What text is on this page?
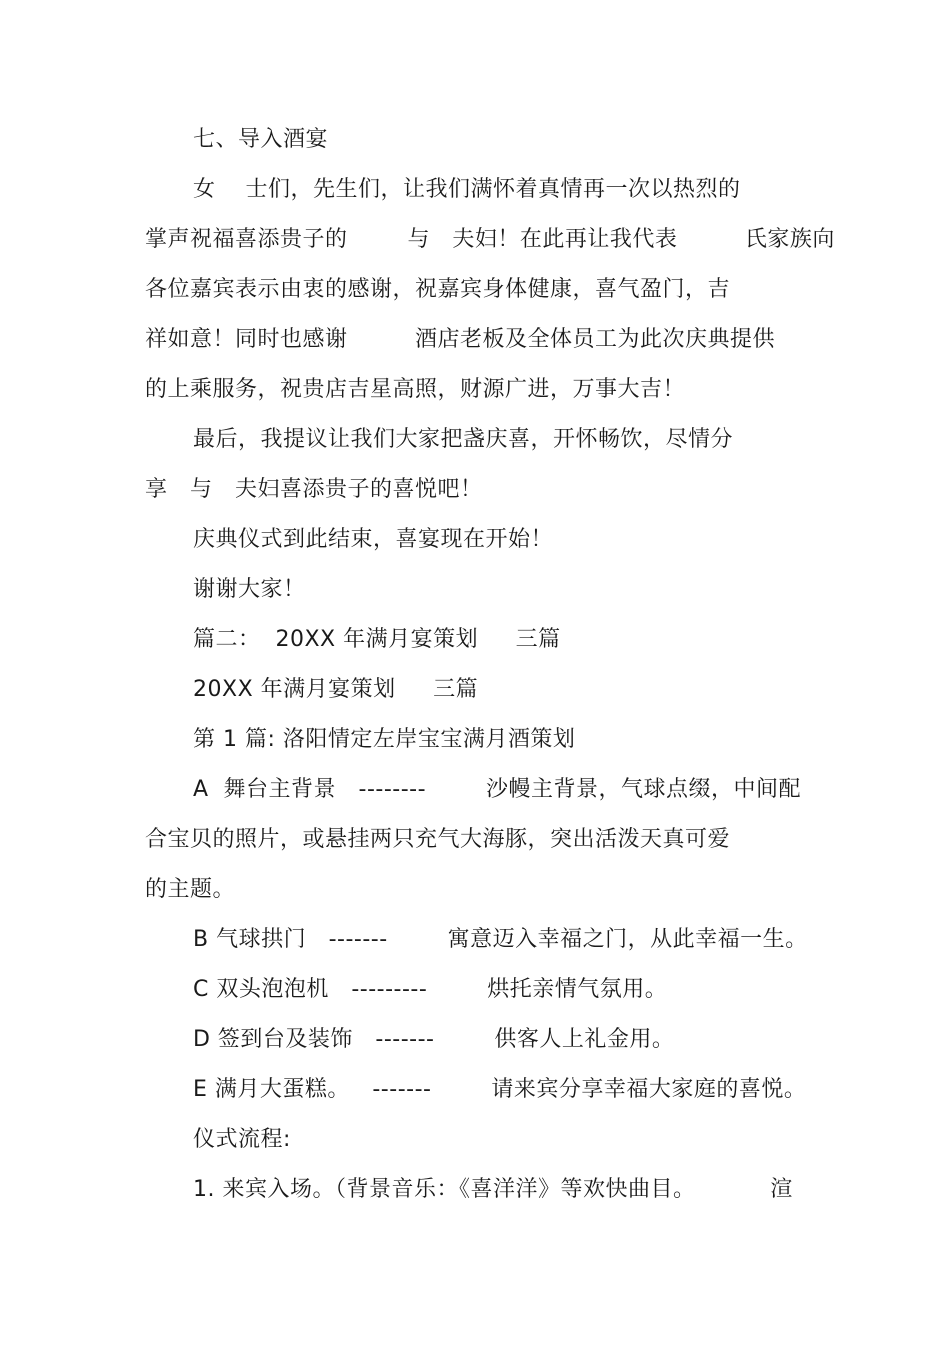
七、导入酒宴
女    士们，先生们，让我们满怀着真情再一次以热烈的
掌声祝福喜添贵子的        与   夫妇！在此再让我代表         氏家族向
各位嘉宾表示由衷的感谢，祝嘉宾身体健康，喜气盈门，吉
祥如意！同时也感谢         酒店老板及全体员工为此次庆典提供
的上乘服务，祝贵店吉星高照，财源广进，万事大吉！
最后，我提议让我们大家把盏庆喜，开怀畅饮，尽情分
享   与   夫妇喜添贵子的喜悦吧！
庆典仪式到此结束，喜宴现在开始！
谢谢大家！
篇二：  20XX 年满月宴策划     三篇
20XX 年满月宴策划     三篇
第 1 篇: 洛阳情定左岸宝宝满月酒策划
A  舞台主背景   --------        沙幔主背景，气球点缀，中间配
合宝贝的照片，或悬挂两只充气大海豚，突出活泼天真可爱
的主题。
B 气球拱门   -------        寓意迈入幸福之门，从此幸福一生。
C 双头泡泡机   ---------        烘托亲情气氛用。
D 签到台及装饰   -------        供客人上礼金用。
E 满月大蛋糕。   -------        请来宾分享幸福大家庭的喜悦。
仪式流程:
1. 来宾入场。（背景音乐：《喜洋洋》等欢快曲目。          渲
